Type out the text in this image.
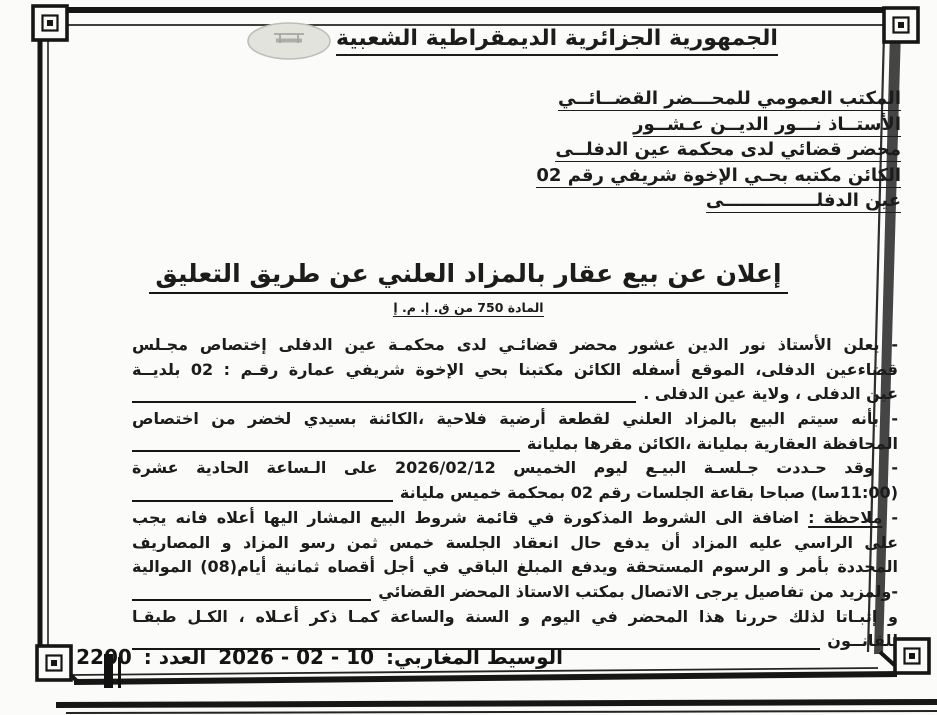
الجمهورية الجزائرية الديمقراطية الشعبية
المكتب العمومي للمحـــضر القضــائــي
الأستــاذ نـــور الديــن عـشــور
محضر قضائي لدى محكمة عين الدفلــى
الكائن مكتبه بحـي الإخوة شريفي رقم 02
عين الدفلـــــــــــــــى
إعلان عن بيع عقار بالمزاد العلني عن طريق التعليق
المادة 750 من ق. إ. م. إ
- يعلن الأستاذ نور الدين عشور محضر قضائـي لدى محكمـة عين الدفلى إختصاص مجـلس
قضاءعين الدفلى، الموقع أسفله الكائن مكتبنا بحي الإخوة شريفي عمارة رقـم : 02 بلديــة
عين الدفلى ، ولاية عين الدفلى .
- بأنه سيتم البيع بالمزاد العلني لقطعة أرضية فلاحية ،الكائنة بسيدي لخضر من اختصاص
المحافظة العقارية بمليانة ،الكائن مقرها بمليانة
- وقد حـددت جـلسـة البيـع ليوم الخميس 2026/02/12 على الـساعة الحادية عشرة
(11:00سا) صباحا بقاعة الجلسات رقم 02 بمحكمة خميس مليانة
- ملاحظة : اضافة الى الشروط المذكورة في قائمة شروط البيع المشار اليها أعلاه فانه يجب
على الراسي عليه المزاد أن يدفع حال انعقاد الجلسة خمس ثمن رسو المزاد و المصاريف
المحددة بأمر و الرسوم المستحقة ويدفع المبلغ الباقي في أجل أقصاه ثمانية أيام(08) الموالية
-ولمزيد من تفاصيل يرجى الاتصال بمكتب الاستاذ المحضر القضائي
و إثبـاتا لذلك حررنا هذا المحضر في اليوم و السنة والساعة كمـا ذكر أعـلاه ، الكـل طبقـا
للقانــون
الوسيط المغاربي:
10 - 02 - 2026
العدد :
2200
